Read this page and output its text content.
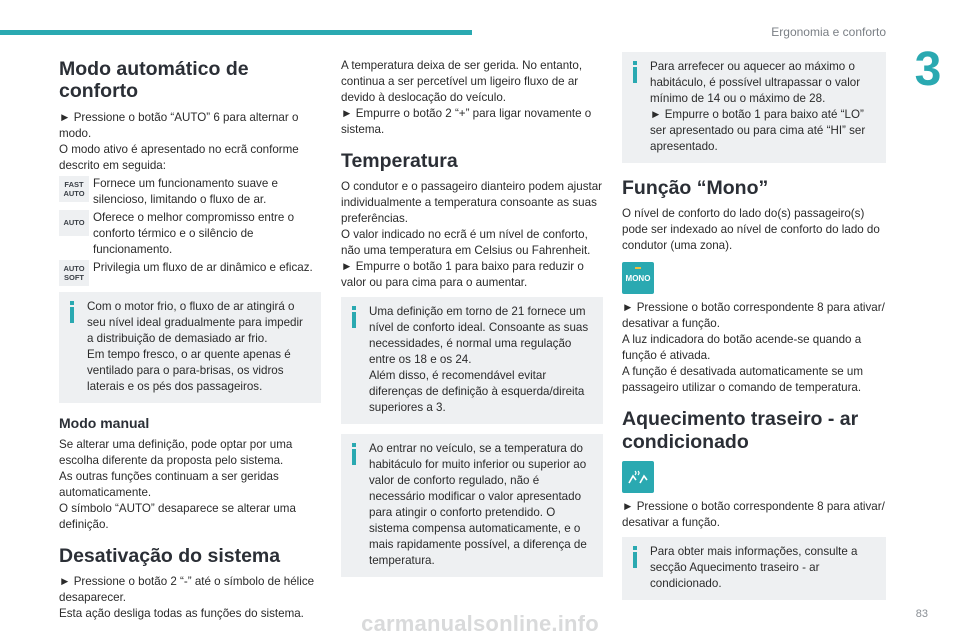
Ergonomia e conforto
3
Modo automático de conforto

► Pressione o botão “AUTO” 6 para alternar o modo.

O modo ativo é apresentado no ecrã conforme descrito em seguida:

FAST
AUTO

Fornece um funcionamento suave e silencioso, limitando o fluxo de ar.

AUTO Oferece o melhor compromisso entre o conforto térmico e o silêncio de funcionamento.

AUTO
SOFT

Privilegia um fluxo de ar dinâmico e eficaz.

Com o motor frio, o fluxo de ar atingirá o seu nível ideal gradualmente para impedir a distribuição de demasiado ar frio.

Em tempo fresco, o ar quente apenas é ventilado para o para-brisas, os vidros laterais e os pés dos passageiros.

Modo manual

Se alterar uma definição, pode optar por uma escolha diferente da proposta pelo sistema.

As outras funções continuam a ser geridas automaticamente.

O símbolo “AUTO” desaparece se alterar uma definição.

Desativação do sistema

► Pressione o botão 2 “-” até o símbolo de hélice desaparecer.

Esta ação desliga todas as funções do sistema.

A temperatura deixa de ser gerida. No entanto, continua a ser percetível um ligeiro fluxo de ar devido à deslocação do veículo.

► Empurre o botão 2 “+” para ligar novamente o sistema.

Temperatura

O condutor e o passageiro dianteiro podem ajustar individualmente a temperatura consoante as suas preferências.

O valor indicado no ecrã é um nível de conforto, não uma temperatura em Celsius ou Fahrenheit.

► Empurre o botão 1 para baixo para reduzir o valor ou para cima para o aumentar.

Uma definição em torno de 21 fornece um nível de conforto ideal. Consoante as suas necessidades, é normal uma regulação entre os 18 e os 24.

Além disso, é recomendável evitar diferenças de definição à esquerda/direita superiores a 3.

Ao entrar no veículo, se a temperatura do habitáculo for muito inferior ou superior ao valor de conforto regulado, não é necessário modificar o valor apresentado para atingir o conforto pretendido. O sistema compensa automaticamente, e o mais rapidamente possível, a diferença de temperatura.

Para arrefecer ou aquecer ao máximo o habitáculo, é possível ultrapassar o valor mínimo de 14 ou o máximo de 28.

► Empurre o botão 1 para baixo até “LO” ser apresentado ou para cima até “HI” ser apresentado.

Função “Mono”

O nível de conforto do lado do(s) passageiro(s) pode ser indexado ao nível de conforto do lado do condutor (uma zona).

MONO

► Pressione o botão correspondente 8 para ativar/ desativar a função.

A luz indicadora do botão acende-se quando a função é ativada.

A função é desativada automaticamente se um passageiro utilizar o comando de temperatura.

Aquecimento traseiro - ar condicionado

► Pressione o botão correspondente 8 para ativar/ desativar a função.

Para obter mais informações, consulte a secção Aquecimento traseiro - ar condicionado.

83
carmanualsonline.info
